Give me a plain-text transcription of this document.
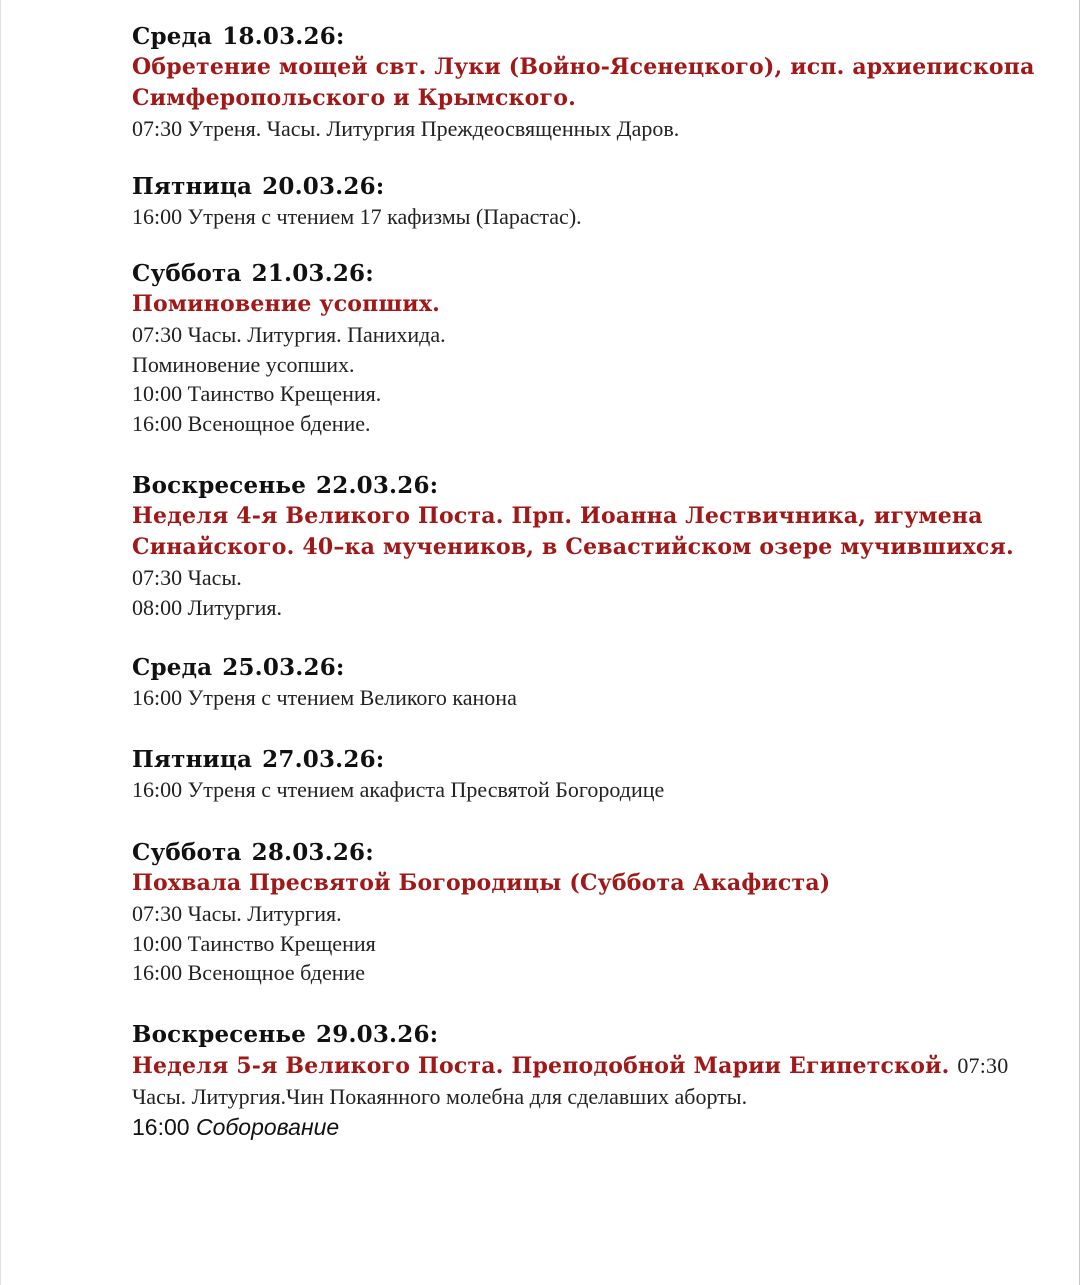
Среда 18.03.26:
Обретение мощей свт. Луки (Войно-Ясенецкого), исп. архиепископа
Симферопольского и Крымского.
07:30 Утреня. Часы. Литургия Преждеосвященных Даров.
Пятница 20.03.26:
16:00 Утреня с чтением 17 кафизмы (Парастас).
Суббота 21.03.26:
Поминовение усопших.
07:30 Часы. Литургия. Панихида.
Поминовение усопших.
10:00 Таинство Крещения.
16:00 Всенощное бдение.
Воскресенье 22.03.26:
Неделя 4-я Великого Поста. Прп. Иоанна Лествичника, игумена
Синайского. 40–ка мучеников, в Севастийском озере мучившихся.
07:30 Часы.
08:00 Литургия.
Среда 25.03.26:
16:00 Утреня с чтением Великого канона
Пятница 27.03.26:
16:00 Утреня с чтением акафиста Пресвятой Богородице
Суббота 28.03.26:
Похвала Пресвятой Богородицы (Суббота Акафиста)
07:30 Часы. Литургия.
10:00 Таинство Крещения
16:00 Всенощное бдение
Воскресенье 29.03.26:
Неделя 5-я Великого Поста. Преподобной Марии Египетской. 07:30
Часы. Литургия.Чин Покаянного молебна для сделавших аборты.
16:00 Соборование
